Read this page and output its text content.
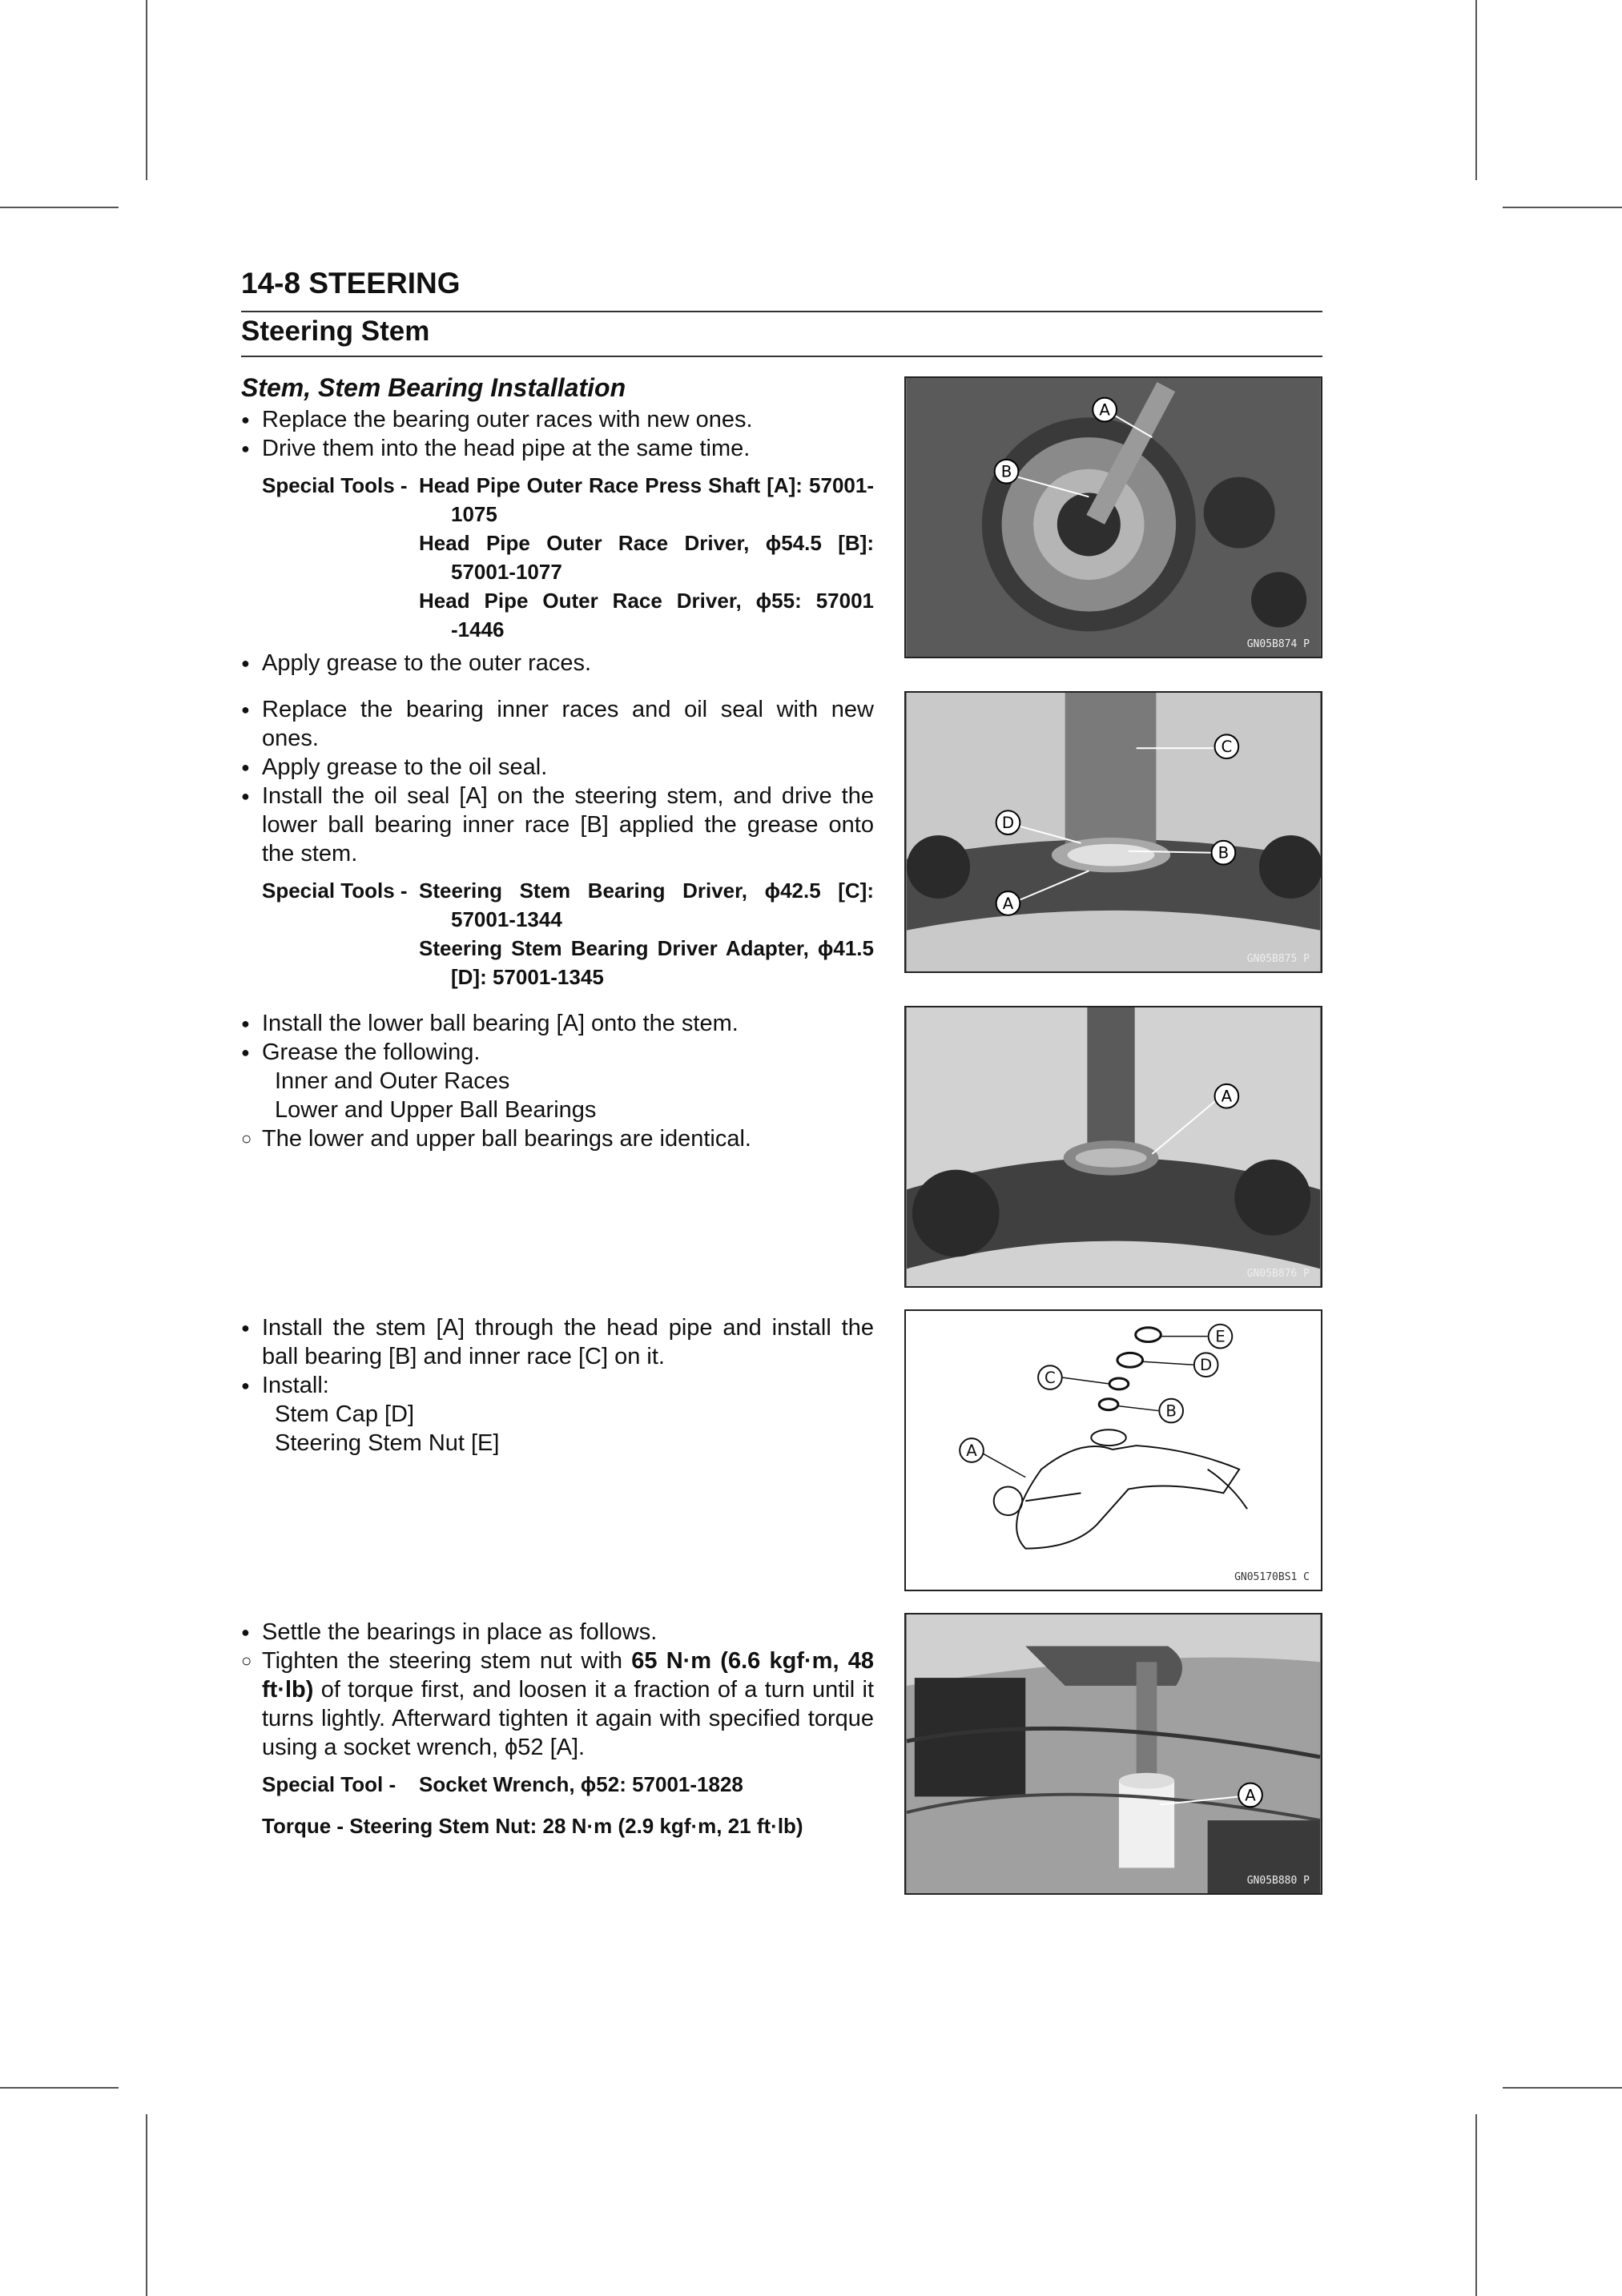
14-8 STEERING
Steering Stem
Stem, Stem Bearing Installation
● Replace the bearing outer races with new ones.
● Drive them into the head pipe at the same time.
Special Tools - Head Pipe Outer Race Press Shaft [A]: 57001-1075
Head Pipe Outer Race Driver, ϕ54.5 [B]: 57001-1077
Head Pipe Outer Race Driver, ϕ55: 57001 -1446
● Apply grease to the outer races.
● Replace the bearing inner races and oil seal with new ones.
● Apply grease to the oil seal.
● Install the oil seal [A] on the steering stem, and drive the lower ball bearing inner race [B] applied the grease onto the stem.
Special Tools - Steering Stem Bearing Driver, ϕ42.5 [C]: 57001-1344
Steering Stem Bearing Driver Adapter, ϕ41.5 [D]: 57001-1345
● Install the lower ball bearing [A] onto the stem.
● Grease the following.
Inner and Outer Races
Lower and Upper Ball Bearings
○ The lower and upper ball bearings are identical.
● Install the stem [A] through the head pipe and install the ball bearing [B] and inner race [C] on it.
● Install:
Stem Cap [D]
Steering Stem Nut [E]
● Settle the bearings in place as follows.
○ Tighten the steering stem nut with 65 N·m (6.6 kgf·m, 48 ft·lb) of torque first, and loosen it a fraction of a turn until it turns lightly. Afterward tighten it again with specified torque using a socket wrench, ϕ52 [A].
Special Tool -	Socket Wrench, ϕ52: 57001-1828
Torque - Steering Stem Nut: 28 N·m (2.9 kgf·m, 21 ft·lb)
A
B
GN05B874 P
C
D
B
A
GN05B875 P
A
GN05B876 P
E
D
C
B
A
GN05170BS1 C
A
GN05B880 P
